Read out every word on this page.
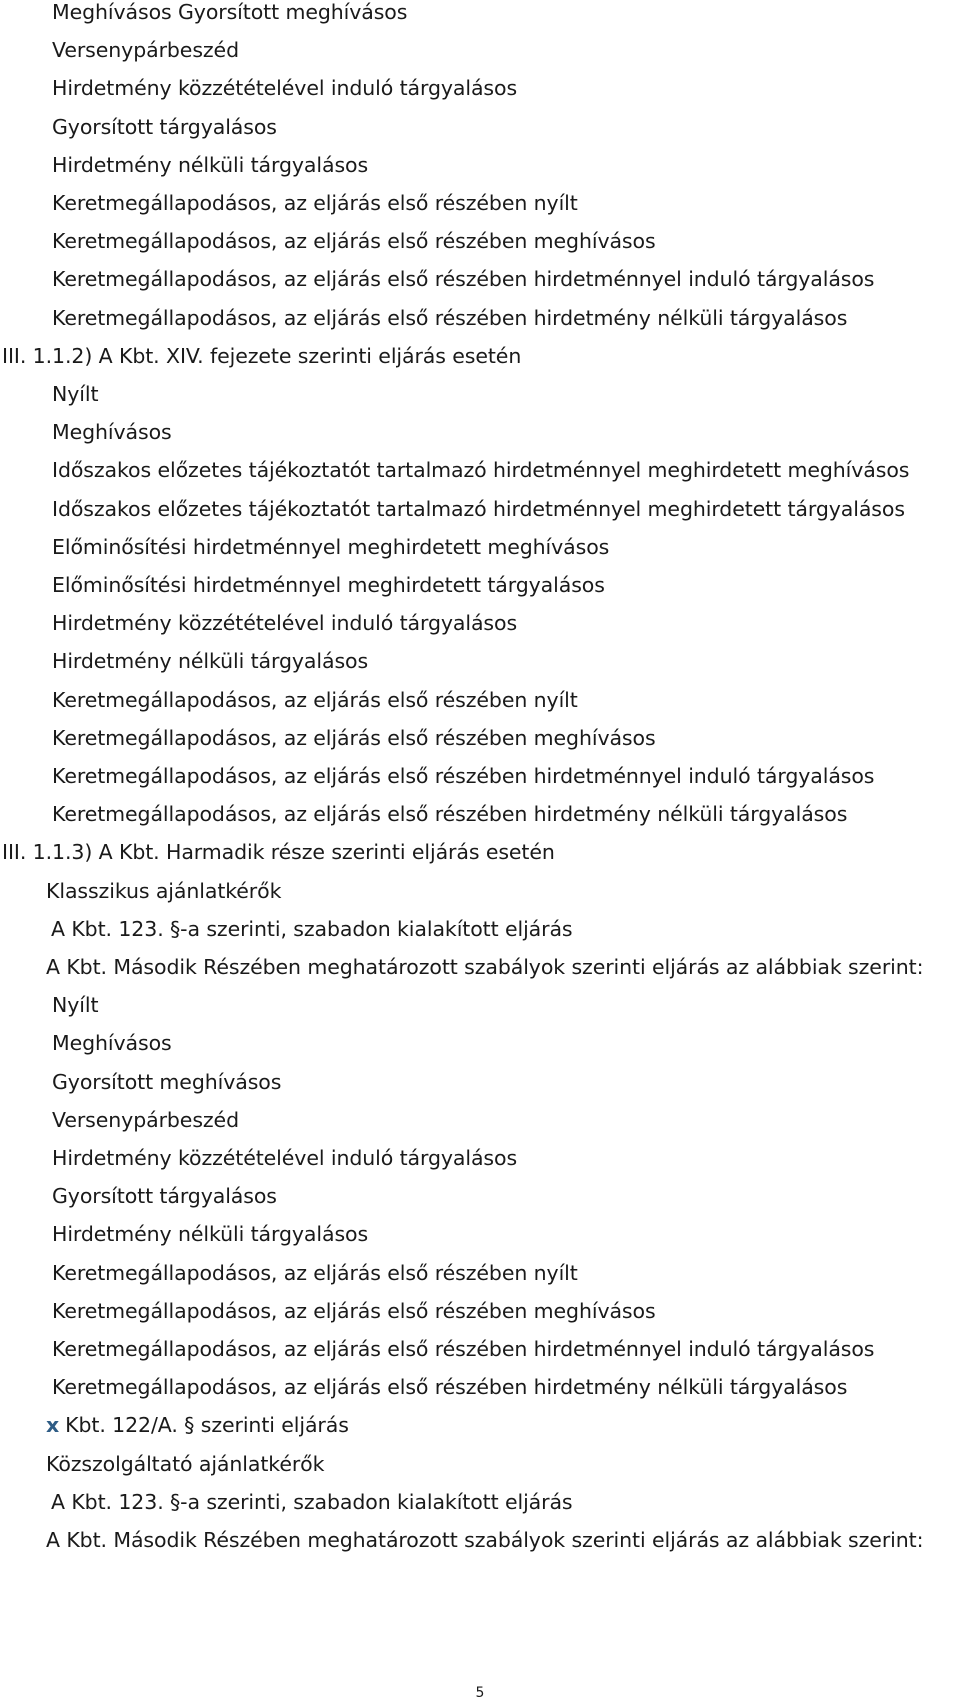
Meghívásos Gyorsított meghívásos
Versenypárbeszéd
Hirdetmény közzétételével induló tárgyalásos
Gyorsított tárgyalásos
Hirdetmény nélküli tárgyalásos
Keretmegállapodásos, az eljárás első részében nyílt
Keretmegállapodásos, az eljárás első részében meghívásos
Keretmegállapodásos, az eljárás első részében hirdetménnyel induló tárgyalásos
Keretmegállapodásos, az eljárás első részében hirdetmény nélküli tárgyalásos
III. 1.1.2) A Kbt. XIV. fejezete szerinti eljárás esetén
Nyílt
Meghívásos
Időszakos előzetes tájékoztatót tartalmazó hirdetménnyel meghirdetett meghívásos
Időszakos előzetes tájékoztatót tartalmazó hirdetménnyel meghirdetett tárgyalásos
Előminősítési hirdetménnyel meghirdetett meghívásos
Előminősítési hirdetménnyel meghirdetett tárgyalásos
Hirdetmény közzétételével induló tárgyalásos
Hirdetmény nélküli tárgyalásos
Keretmegállapodásos, az eljárás első részében nyílt
Keretmegállapodásos, az eljárás első részében meghívásos
Keretmegállapodásos, az eljárás első részében hirdetménnyel induló tárgyalásos
Keretmegállapodásos, az eljárás első részében hirdetmény nélküli tárgyalásos
III. 1.1.3) A Kbt. Harmadik része szerinti eljárás esetén
Klasszikus ajánlatkérők
A Kbt. 123. §-a szerinti, szabadon kialakított eljárás
A Kbt. Második Részében meghatározott szabályok szerinti eljárás az alábbiak szerint:
Nyílt
Meghívásos
Gyorsított meghívásos
Versenypárbeszéd
Hirdetmény közzétételével induló tárgyalásos
Gyorsított tárgyalásos
Hirdetmény nélküli tárgyalásos
Keretmegállapodásos, az eljárás első részében nyílt
Keretmegállapodásos, az eljárás első részében meghívásos
Keretmegállapodásos, az eljárás első részében hirdetménnyel induló tárgyalásos
Keretmegállapodásos, az eljárás első részében hirdetmény nélküli tárgyalásos
x Kbt. 122/A. § szerinti eljárás
Közszolgáltató ajánlatkérők
A Kbt. 123. §-a szerinti, szabadon kialakított eljárás
A Kbt. Második Részében meghatározott szabályok szerinti eljárás az alábbiak szerint:
5
